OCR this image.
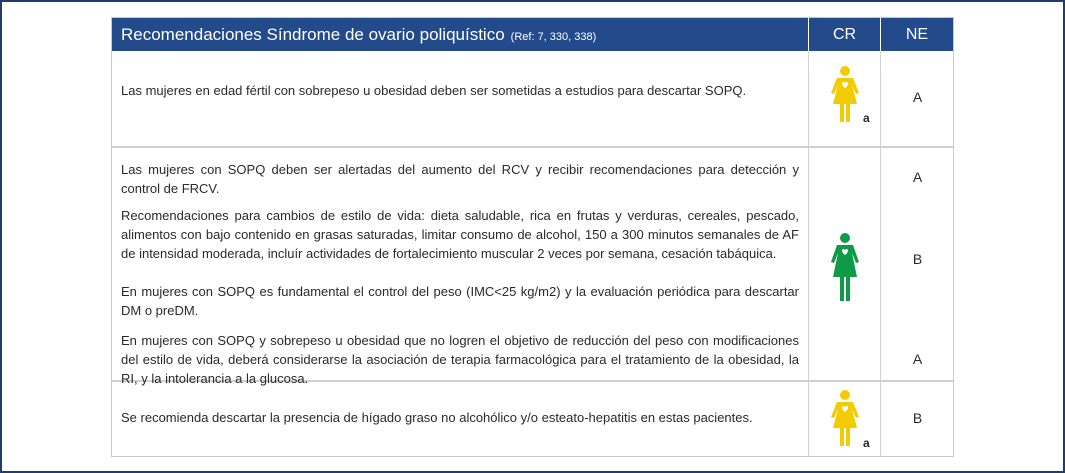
Recomendaciones Síndrome de ovario poliquístico (Ref: 7, 330, 338)	CR	NE
Las mujeres en edad fértil con sobrepeso u obesidad deben ser sometidas a estudios para descartar SOPQ.
a
A
Las mujeres con SOPQ deben ser alertadas del aumento del RCV y recibir recomendaciones para detección y control de FRCV.
Recomendaciones para cambios de estilo de vida: dieta saludable, rica en frutas y verduras, cereales, pescado, alimentos con bajo contenido en grasas saturadas, limitar consumo de alcohol, 150 a 300 minutos semanales de AF de intensidad moderada, incluír actividades de fortalecimiento muscular 2 veces por semana, cesación tabáquica.
En mujeres con SOPQ es fundamental el control del peso (IMC<25 kg/m2) y la evaluación periódica para descartar DM o preDM.
En mujeres con SOPQ y sobrepeso u obesidad que no logren el objetivo de reducción del peso con modificaciones del estilo de vida, deberá considerarse la asociación de terapia farmacológica para el tratamiento de la obesidad, la RI, y la intolerancia a la glucosa.
A
B
A
Se recomienda descartar la presencia de hígado graso no alcohólico y/o esteato-hepatitis en estas pacientes.
a
B
